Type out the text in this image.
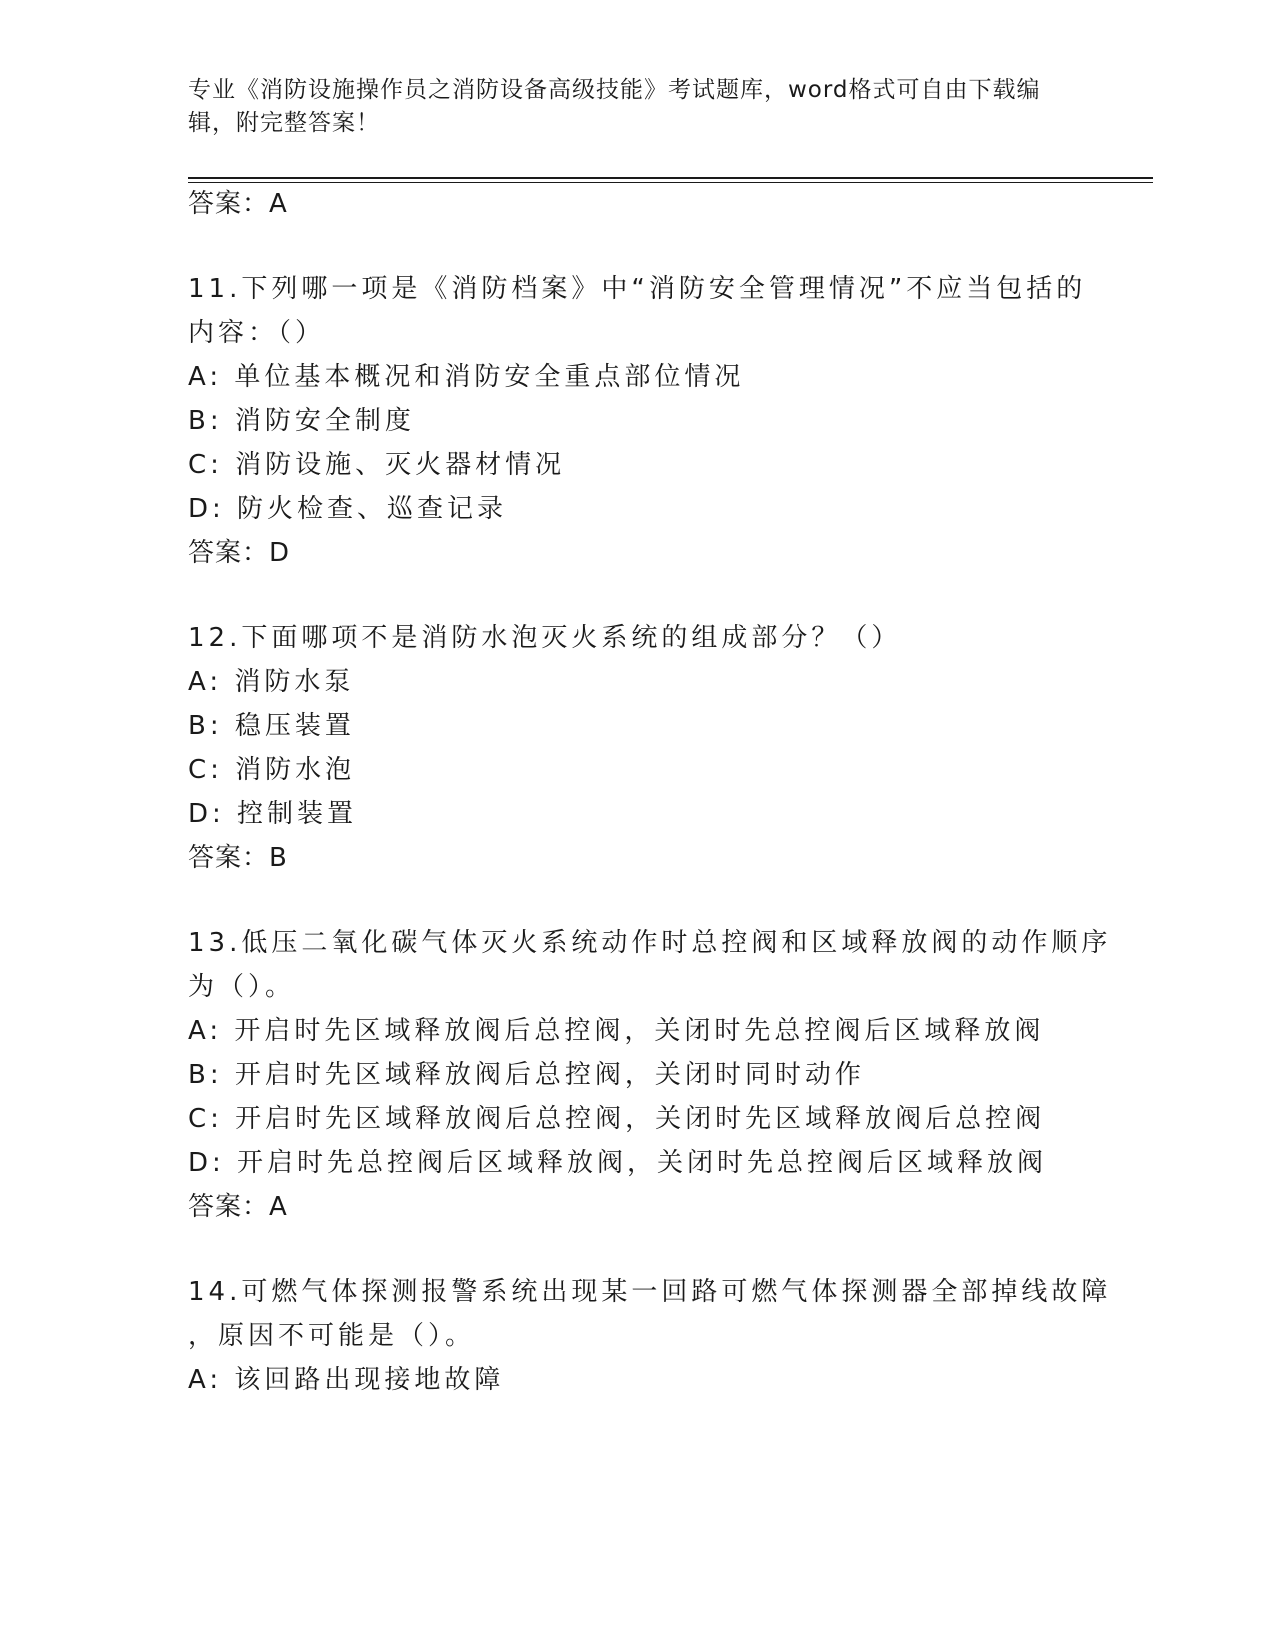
专业《消防设施操作员之消防设备高级技能》考试题库，word格式可自由下载编辑，附完整答案！
答案：A
11.下列哪一项是《消防档案》中“消防安全管理情况”不应当包括的
内容：（）
A: 单位基本概况和消防安全重点部位情况
B: 消防安全制度
C: 消防设施、灭火器材情况
D: 防火检查、巡查记录
答案：D
12.下面哪项不是消防水泡灭火系统的组成部分？（）
A: 消防水泵
B: 稳压装置
C: 消防水泡
D: 控制装置
答案：B
13.低压二氧化碳气体灭火系统动作时总控阀和区域释放阀的动作顺序
为（）。
A: 开启时先区域释放阀后总控阀，关闭时先总控阀后区域释放阀
B: 开启时先区域释放阀后总控阀，关闭时同时动作
C: 开启时先区域释放阀后总控阀，关闭时先区域释放阀后总控阀
D: 开启时先总控阀后区域释放阀，关闭时先总控阀后区域释放阀
答案：A
14.可燃气体探测报警系统出现某一回路可燃气体探测器全部掉线故障
，原因不可能是（）。
A: 该回路出现接地故障
